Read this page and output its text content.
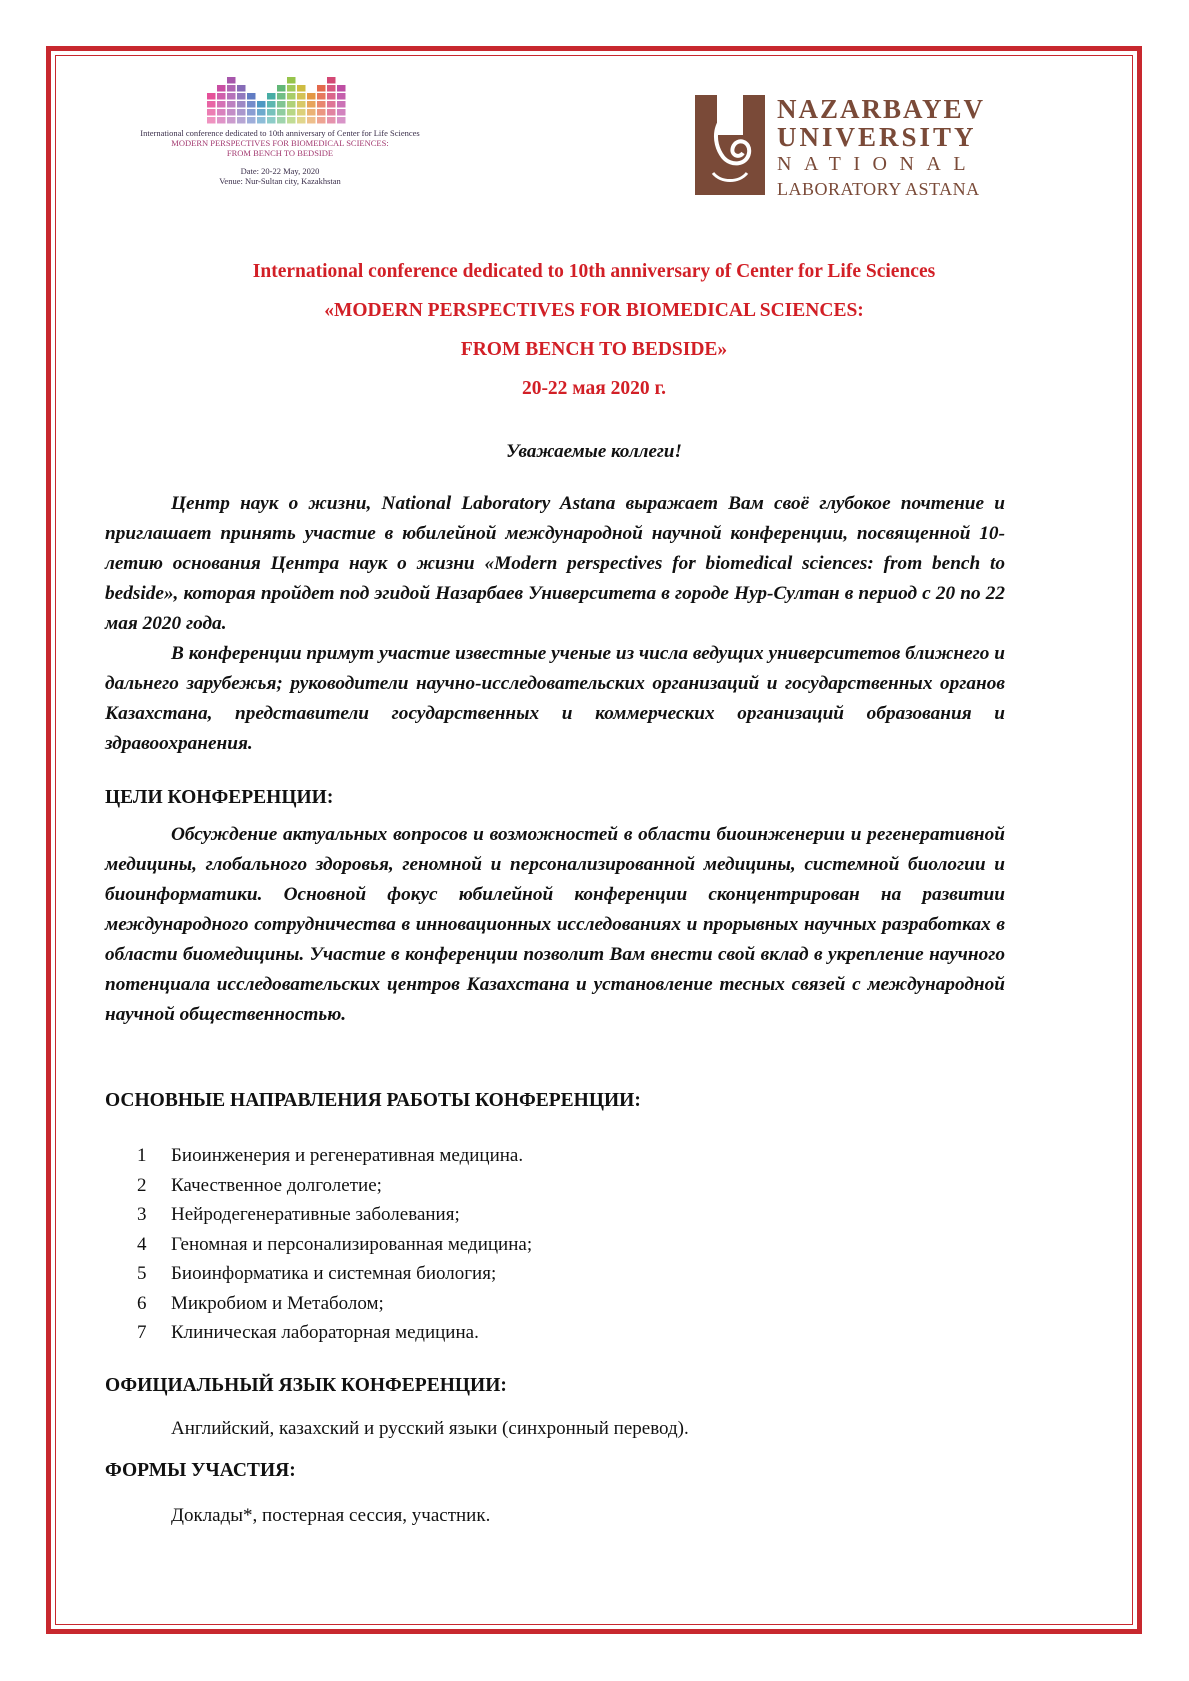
International conference dedicated to 10th anniversary of Center for Life Sciences
MODERN PERSPECTIVES FOR BIOMEDICAL SCIENCES:
FROM BENCH TO BEDSIDE
Date: 20-22 May, 2020
Venue: Nur-Sultan city, Kazakhstan
NAZARBAYEV
UNIVERSITY
NATIONAL
LABORATORY ASTANA
International conference dedicated to 10th anniversary of Center for Life Sciences
«MODERN PERSPECTIVES FOR BIOMEDICAL SCIENCES:
FROM BENCH TO BEDSIDE»
20-22 мая 2020 г.
Уважаемые коллеги!
Центр наук о жизни, National Laboratory Astana выражает Вам своё глубокое почтение и приглашает принять участие в юбилейной международной научной конференции, посвященной 10-летию основания Центра наук о жизни «Modern perspectives for biomedical sciences: from bench to bedside», которая пройдет под эгидой Назарбаев Университета в городе Нур-Султан в период с 20 по 22 мая 2020 года.
В конференции примут участие известные ученые из числа ведущих университетов ближнего и дальнего зарубежья; руководители научно-исследовательских организаций и государственных органов Казахстана, представители государственных и коммерческих организаций образования и здравоохранения.
ЦЕЛИ КОНФЕРЕНЦИИ:
Обсуждение актуальных вопросов и возможностей в области биоинженерии и регенеративной медицины, глобального здоровья, геномной и персонализированной медицины, системной биологии и биоинформатики. Основной фокус юбилейной конференции сконцентрирован на развитии международного сотрудничества в инновационных исследованиях и прорывных научных разработках в области биомедицины. Участие в конференции позволит Вам внести свой вклад в укрепление научного потенциала исследовательских центров Казахстана и установление тесных связей с международной научной общественностью.
ОСНОВНЫЕ НАПРАВЛЕНИЯ РАБОТЫ КОНФЕРЕНЦИИ:
1 Биоинженерия и регенеративная медицина.
2 Качественное долголетие;
3 Нейродегенеративные заболевания;
4 Геномная и персонализированная медицина;
5 Биоинформатика и системная биология;
6 Микробиом и Метаболом;
7 Клиническая лабораторная медицина.
ОФИЦИАЛЬНЫЙ ЯЗЫК КОНФЕРЕНЦИИ:
Английский, казахский и русский языки (синхронный перевод).
ФОРМЫ УЧАСТИЯ:
Доклады*, постерная сессия, участник.
